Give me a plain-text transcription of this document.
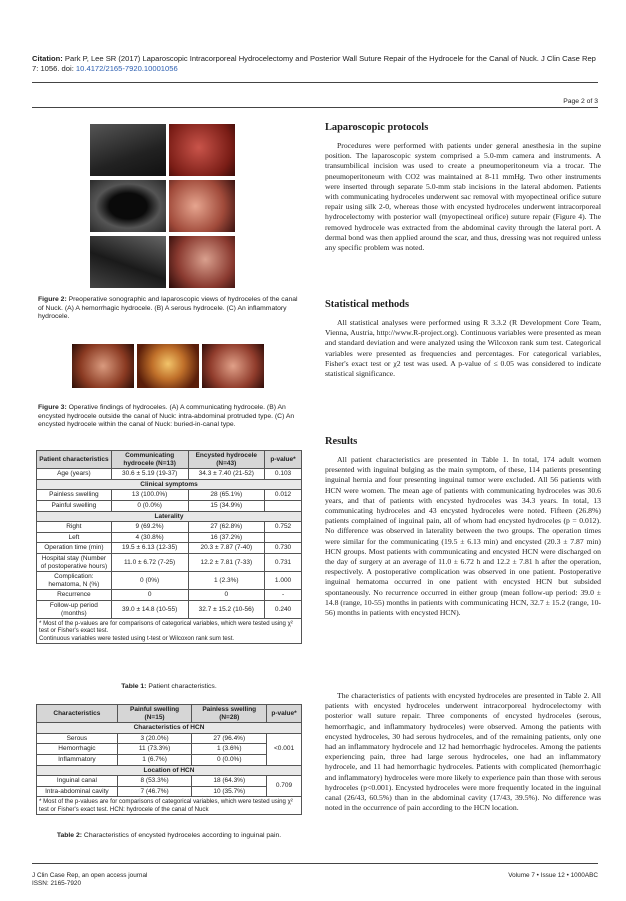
Citation: Park P, Lee SR (2017) Laparoscopic Intracorporeal Hydrocelectomy and Posterior Wall Suture Repair of the Hydrocele for the Canal of Nuck. J Clin Case Rep 7: 1056. doi: 10.4172/2165-7920.10001056
Page 2 of 3
Figure 2: Preoperative sonographic and laparoscopic views of hydroceles of the canal of Nuck. (A) A hemorrhagic hydrocele. (B) A serous hydrocele. (C) An inflammatory hydrocele.
Figure 3: Operative findings of hydroceles. (A) A communicating hydrocele. (B) An encysted hydrocele outside the canal of Nuck: intra-abdominal protruded type. (C) An encysted hydrocele within the canal of Nuck: buried-in-canal type.
Patient characteristics	Communicating hydrocele (N=13)	Encysted hydrocele (N=43)	p-value*
Age (years)	30.6 ± 5.19 (19-37)	34.3 ± 7.40 (21-52)	0.103
Clinical symptoms			
Painless swelling	13 (100.0%)	28 (65.1%)	0.012
Painful swelling	0 (0.0%)	15 (34.9%)	
Laterality			
Right	9 (69.2%)	27 (62.8%)	0.752
Left	4 (30.8%)	16 (37.2%)	
Operation time (min)	19.5 ± 6.13 (12-35)	20.3 ± 7.87 (7-40)	0.730
Hospital stay (Number of postoperative hours)	11.0 ± 6.72 (7-25)	12.2 ± 7.81 (7-33)	0.731
Complication: hematoma, N (%)	0 (0%)	1 (2.3%)	1.000
Recurrence	0	0	-
Follow-up period (months)	39.0 ± 14.8 (10-55)	32.7 ± 15.2 (10-56)	0.240
* Most of the p-values are for comparisons of categorical variables, which were tested using χ² test or Fisher's exact test.
Continuous variables were tested using t-test or Wilcoxon rank sum test.			
Table 1: Patient characteristics.
Characteristics	Painful swelling (N=15)	Painless swelling (N=28)	p-value*
Characteristics of HCN			
Serous	3 (20.0%)	27 (96.4%)	<0.001
Hemorrhagic	11 (73.3%)	1 (3.6%)	
Inflammatory	1 (6.7%)	0 (0.0%)	
Location of HCN			
Inguinal canal	8 (53.3%)	18 (64.3%)	0.709
Intra-abdominal cavity	7 (46.7%)	10 (35.7%)	
* Most of the p-values are for comparisons of categorical variables, which were tested using χ² test or Fisher's exact test. HCN: hydrocele of the canal of Nuck			
Table 2: Characteristics of encysted hydroceles according to inguinal pain.
Laparoscopic protocols
Procedures were performed with patients under general anesthesia in the supine position. The laparoscopic system comprised a 5.0-mm camera and instruments. A transumbilical incision was used to create a pneumoperitoneum via a trocar. The pneumoperitoneum with CO2 was maintained at 8-11 mmHg. Two other instruments were inserted through separate 5.0-mm stab incisions in the lateral abdomen. Patients with communicating hydroceles underwent sac removal with myopectineal orifice suture repair using silk 2-0, whereas those with encysted hydroceles underwent intracorporeal hydrocelectomy with posterior wall (myopectineal orifice) suture repair (Figure 4). The removed hydrocele was extracted from the abdominal cavity through the lateral port. A dermal bond was then applied around the scar, and thus, dressing was not required unless any specific problem was noted.
Statistical methods
All statistical analyses were performed using R 3.3.2 (R Development Core Team, Vienna, Austria, http://www.R-project.org). Continuous variables were presented as mean and standard deviation and were analyzed using the Wilcoxon rank sum test. Categorical variables were presented as frequencies and percentages. For categorical variables, Fisher's exact test or χ2 test was used. A p-value of ≤ 0.05 was considered to indicate statistical significance.
Results
All patient characteristics are presented in Table 1. In total, 174 adult women presented with inguinal bulging as the main symptom, of these, 114 patients presenting inguinal hernia and four presenting inguinal tumor were excluded. All 56 patients with HCN were women. The mean age of patients with communicating hydroceles was 30.6 years, and that of patients with encysted hydroceles was 34.3 years. In total, 13 communicating hydroceles and 43 encysted hydroceles were noted. Fifteen (26.8%) patients complained of inguinal pain, all of whom had encysted hydroceles (p = 0.012). No difference was observed in laterality between the two groups. The operation times were similar for the communicating (19.5 ± 6.13 min) and encysted (20.3 ± 7.87 min) HCN groups. Most patients with communicating and encysted HCN were discharged on the day of surgery at an average of 11.0 ± 6.72 h and 12.2 ± 7.81 h after the operation, respectively. A postoperative complication was observed in one patient. Postoperative inguinal hematoma occurred in one patient with encysted HCN but subsided spontaneously. No recurrence occurred in either group (mean follow-up period: 39.0 ± 14.8 (range, 10-55) months in patients with communicating HCN, 32.7 ± 15.2 (range, 10-56) months in patients with encysted HCN).
The characteristics of patients with encysted hydroceles are presented in Table 2. All patients with encysted hydroceles underwent intracorporeal hydrocelectomy with posterior wall suture repair. Three components of encysted hydroceles (serous, hemorrhagic, and inflammatory hydroceles) were observed. Among the patients with encysted hydroceles, 30 had serous hydroceles, and of the remaining patients, only one had an inflammatory hydrocele and 12 had hemorrhagic hydroceles. Among the patients experiencing pain, three had large serous hydroceles, one had an inflammatory hydrocele, and 11 had hemorrhagic hydroceles. Patients with complicated (hemorrhagic and inflammatory) hydroceles were more likely to experience pain than those with serous hydroceles (p<0.001). Encysted hydroceles were more frequently located in the inguinal canal (26/43, 60.5%) than in the abdominal cavity (17/43, 39.5%). No difference was noted in the occurrence of pain according to the HCN location.
J Clin Case Rep, an open access journal
ISSN: 2165-7920
Volume 7 • Issue 12 • 1000ABC
